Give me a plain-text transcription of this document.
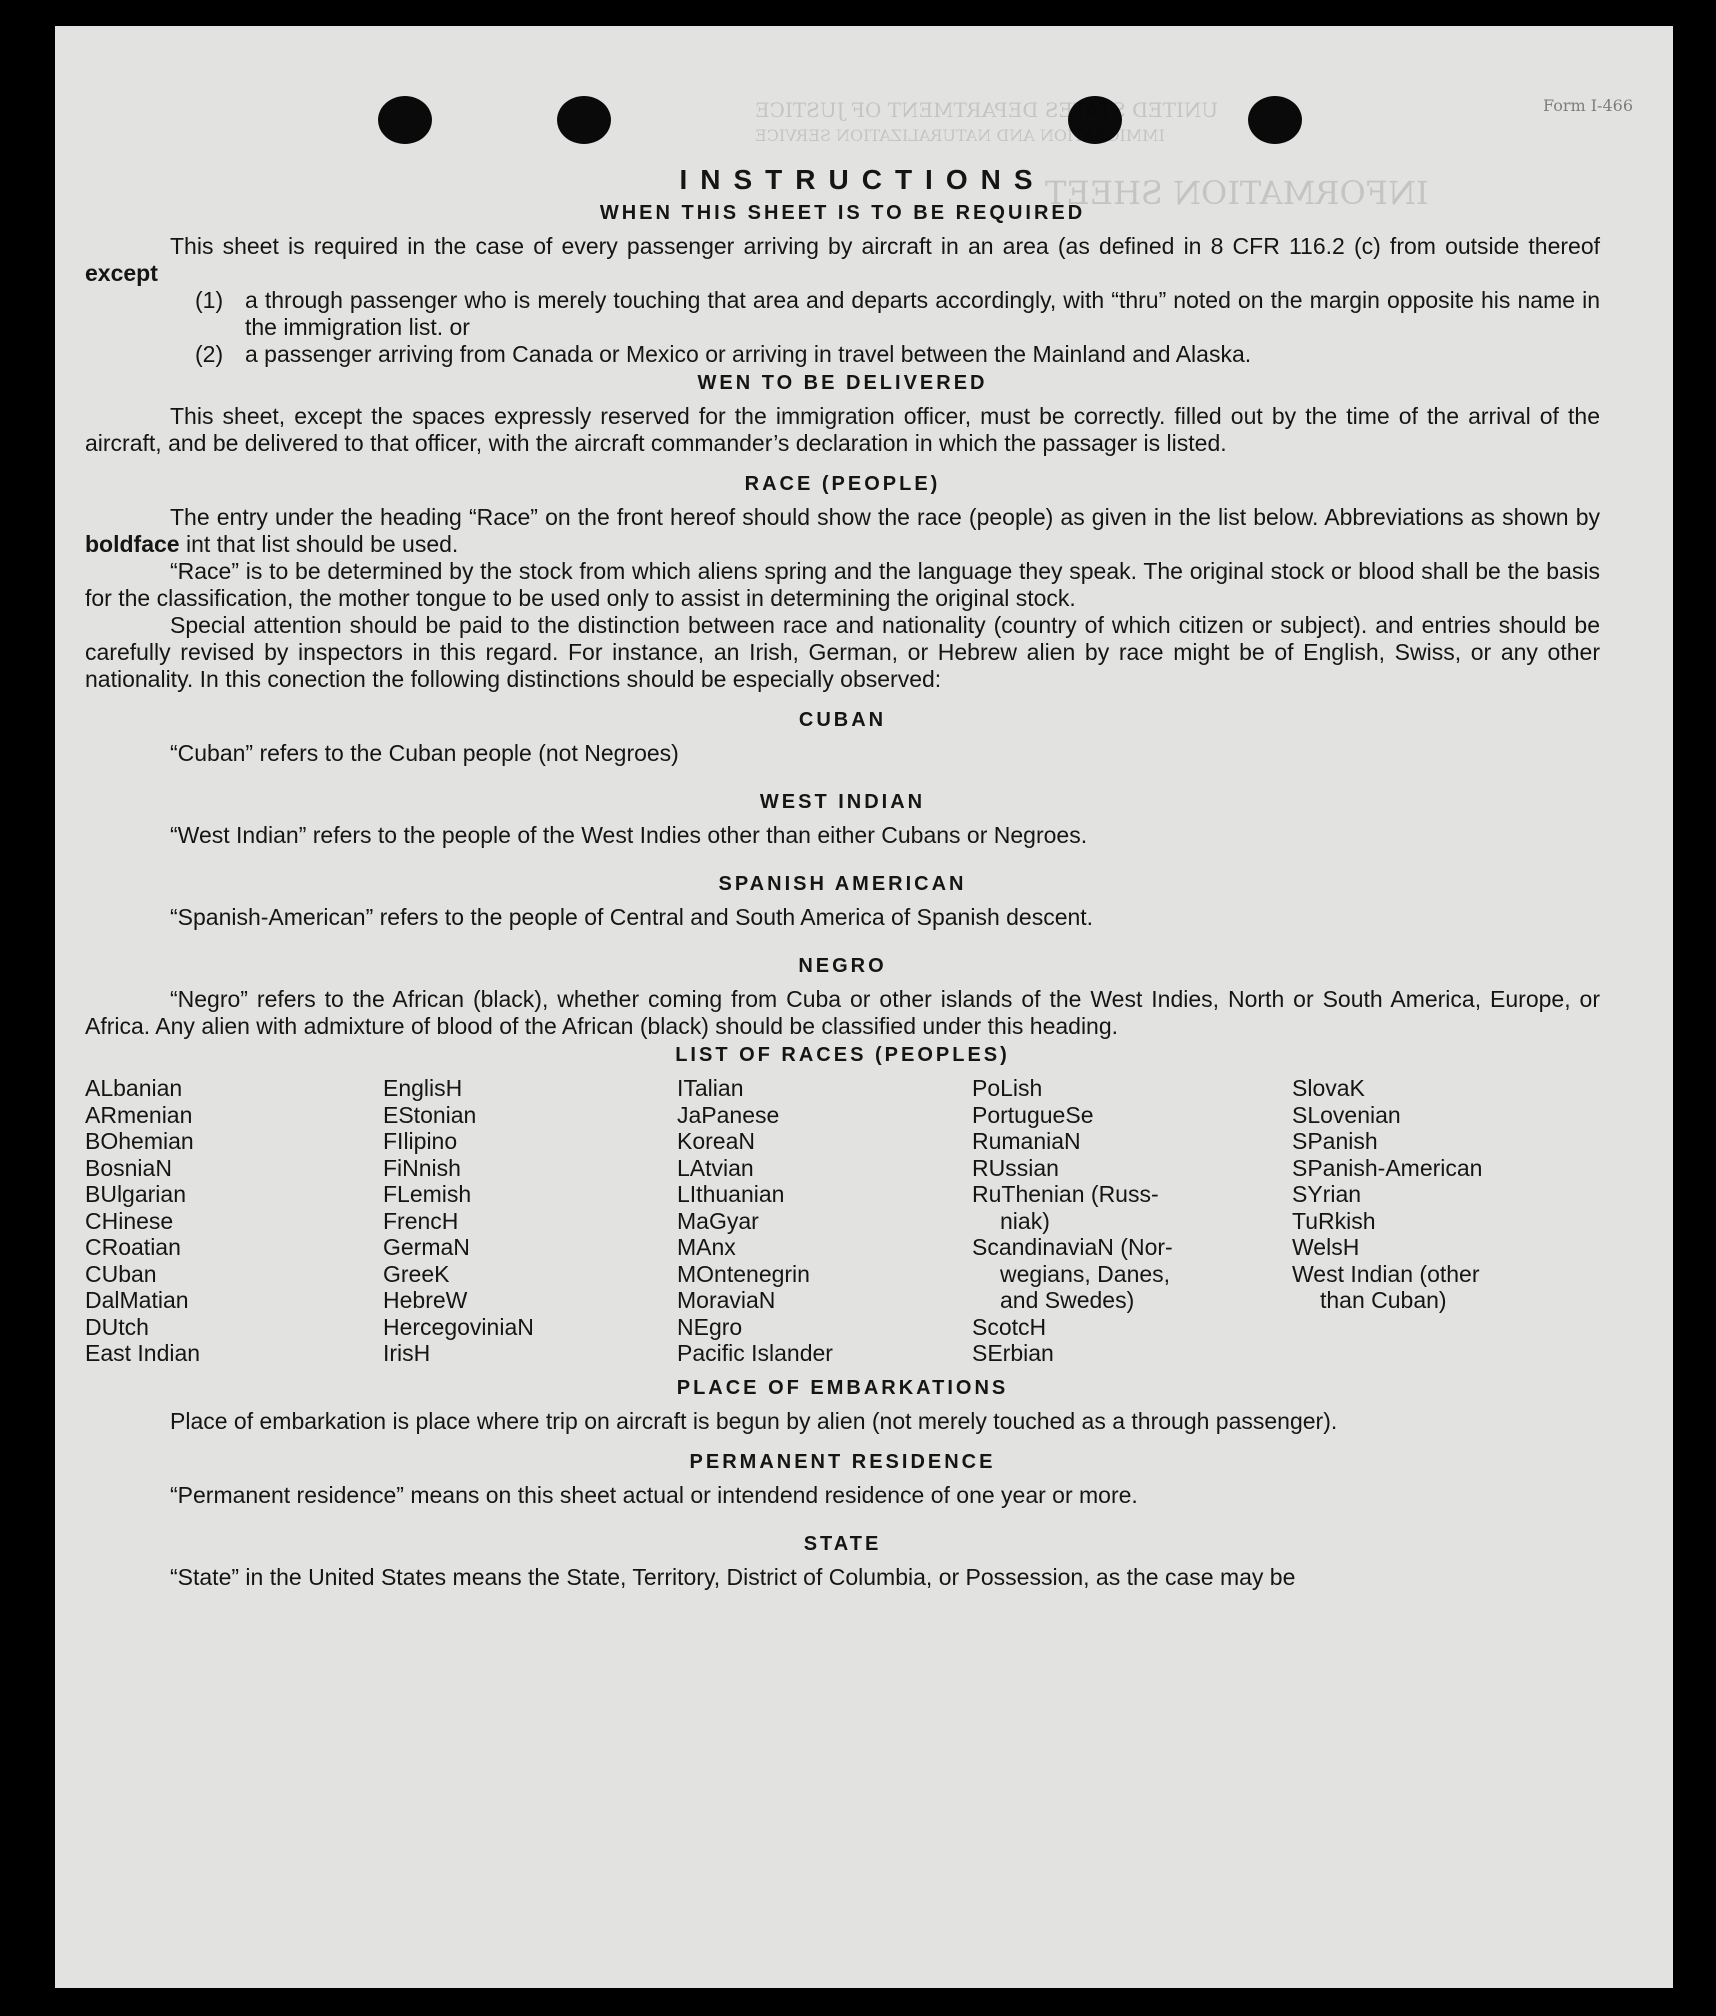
Form I-466
UNITED STATES DEPARTMENT OF JUSTICE
IMMIGRATION AND NATURALIZATION SERVICE
INFORMATION SHEET
INSTRUCTIONS
WHEN THIS SHEET IS TO BE REQUIRED

This sheet is required in the case of every passenger arriving by aircraft in an area (as defined in 8 CFR 116.2 (c) from outside thereof except

(1) a through passenger who is merely touching that area and departs accordingly, with “thru” noted on the margin opposite his name in the immigration list. or
(2) a passenger arriving from Canada or Mexico or arriving in travel between the Mainland and Alaska.
WEN TO BE DELIVERED

This sheet, except the spaces expressly reserved for the immigration officer, must be correctly. filled out by the time of the arrival of the aircraft, and be delivered to that officer, with the aircraft commander’s declaration in which the passager is listed.

RACE (PEOPLE)

The entry under the heading “Race” on the front hereof should show the race (people) as given in the list below. Abbreviations as shown by boldface int that list should be used.

“Race” is to be determined by the stock from which aliens spring and the language they speak. The original stock or blood shall be the basis for the classification, the mother tongue to be used only to assist in determining the original stock.

Special attention should be paid to the distinction between race and nationality (country of which citizen or subject). and entries should be carefully revised by inspectors in this regard. For instance, an Irish, German, or Hebrew alien by race might be of English, Swiss, or any other nationality. In this conection the following distinctions should be especially observed:

CUBAN

“Cuban” refers to the Cuban people (not Negroes)

WEST INDIAN

“West Indian” refers to the people of the West Indies other than either Cubans or Negroes.

SPANISH AMERICAN

“Spanish-American” refers to the people of Central and South America of Spanish descent.

NEGRO

“Negro” refers to the African (black), whether coming from Cuba or other islands of the West Indies, North or South America, Europe, or Africa. Any alien with admixture of blood of the African (black) should be classified under this heading.

LIST OF RACES (PEOPLES)
ALbanian
ARmenian
BOhemian
BosniaN
BUlgarian
CHinese
CRoatian
CUban
DalMatian
DUtch
East Indian
EnglisH
EStonian
FIlipino
FiNnish
FLemish
FrencH
GermaN
GreeK
HebreW
HercegoviniaN
IrisH
ITalian
JaPanese
KoreaN
LAtvian
LIthuanian
MaGyar
MAnx
MOntenegrin
MoraviaN
NEgro
Pacific Islander
PoLish
PortugueSe
RumaniaN
RUssian
RuThenian (Russ-
niak)
ScandinaviaN (Nor-
wegians, Danes,
and Swedes)
ScotcH
SErbian
SlovaK
SLovenian
SPanish
SPanish-American
SYrian
TuRkish
WelsH
West Indian (other
than Cuban)
PLACE OF EMBARKATIONS

Place of embarkation is place where trip on aircraft is begun by alien (not merely touched as a through passenger).

PERMANENT RESIDENCE

“Permanent residence” means on this sheet actual or intendend residence of one year or more.

STATE

“State” in the United States means the State, Territory, District of Columbia, or Possession, as the case may be
